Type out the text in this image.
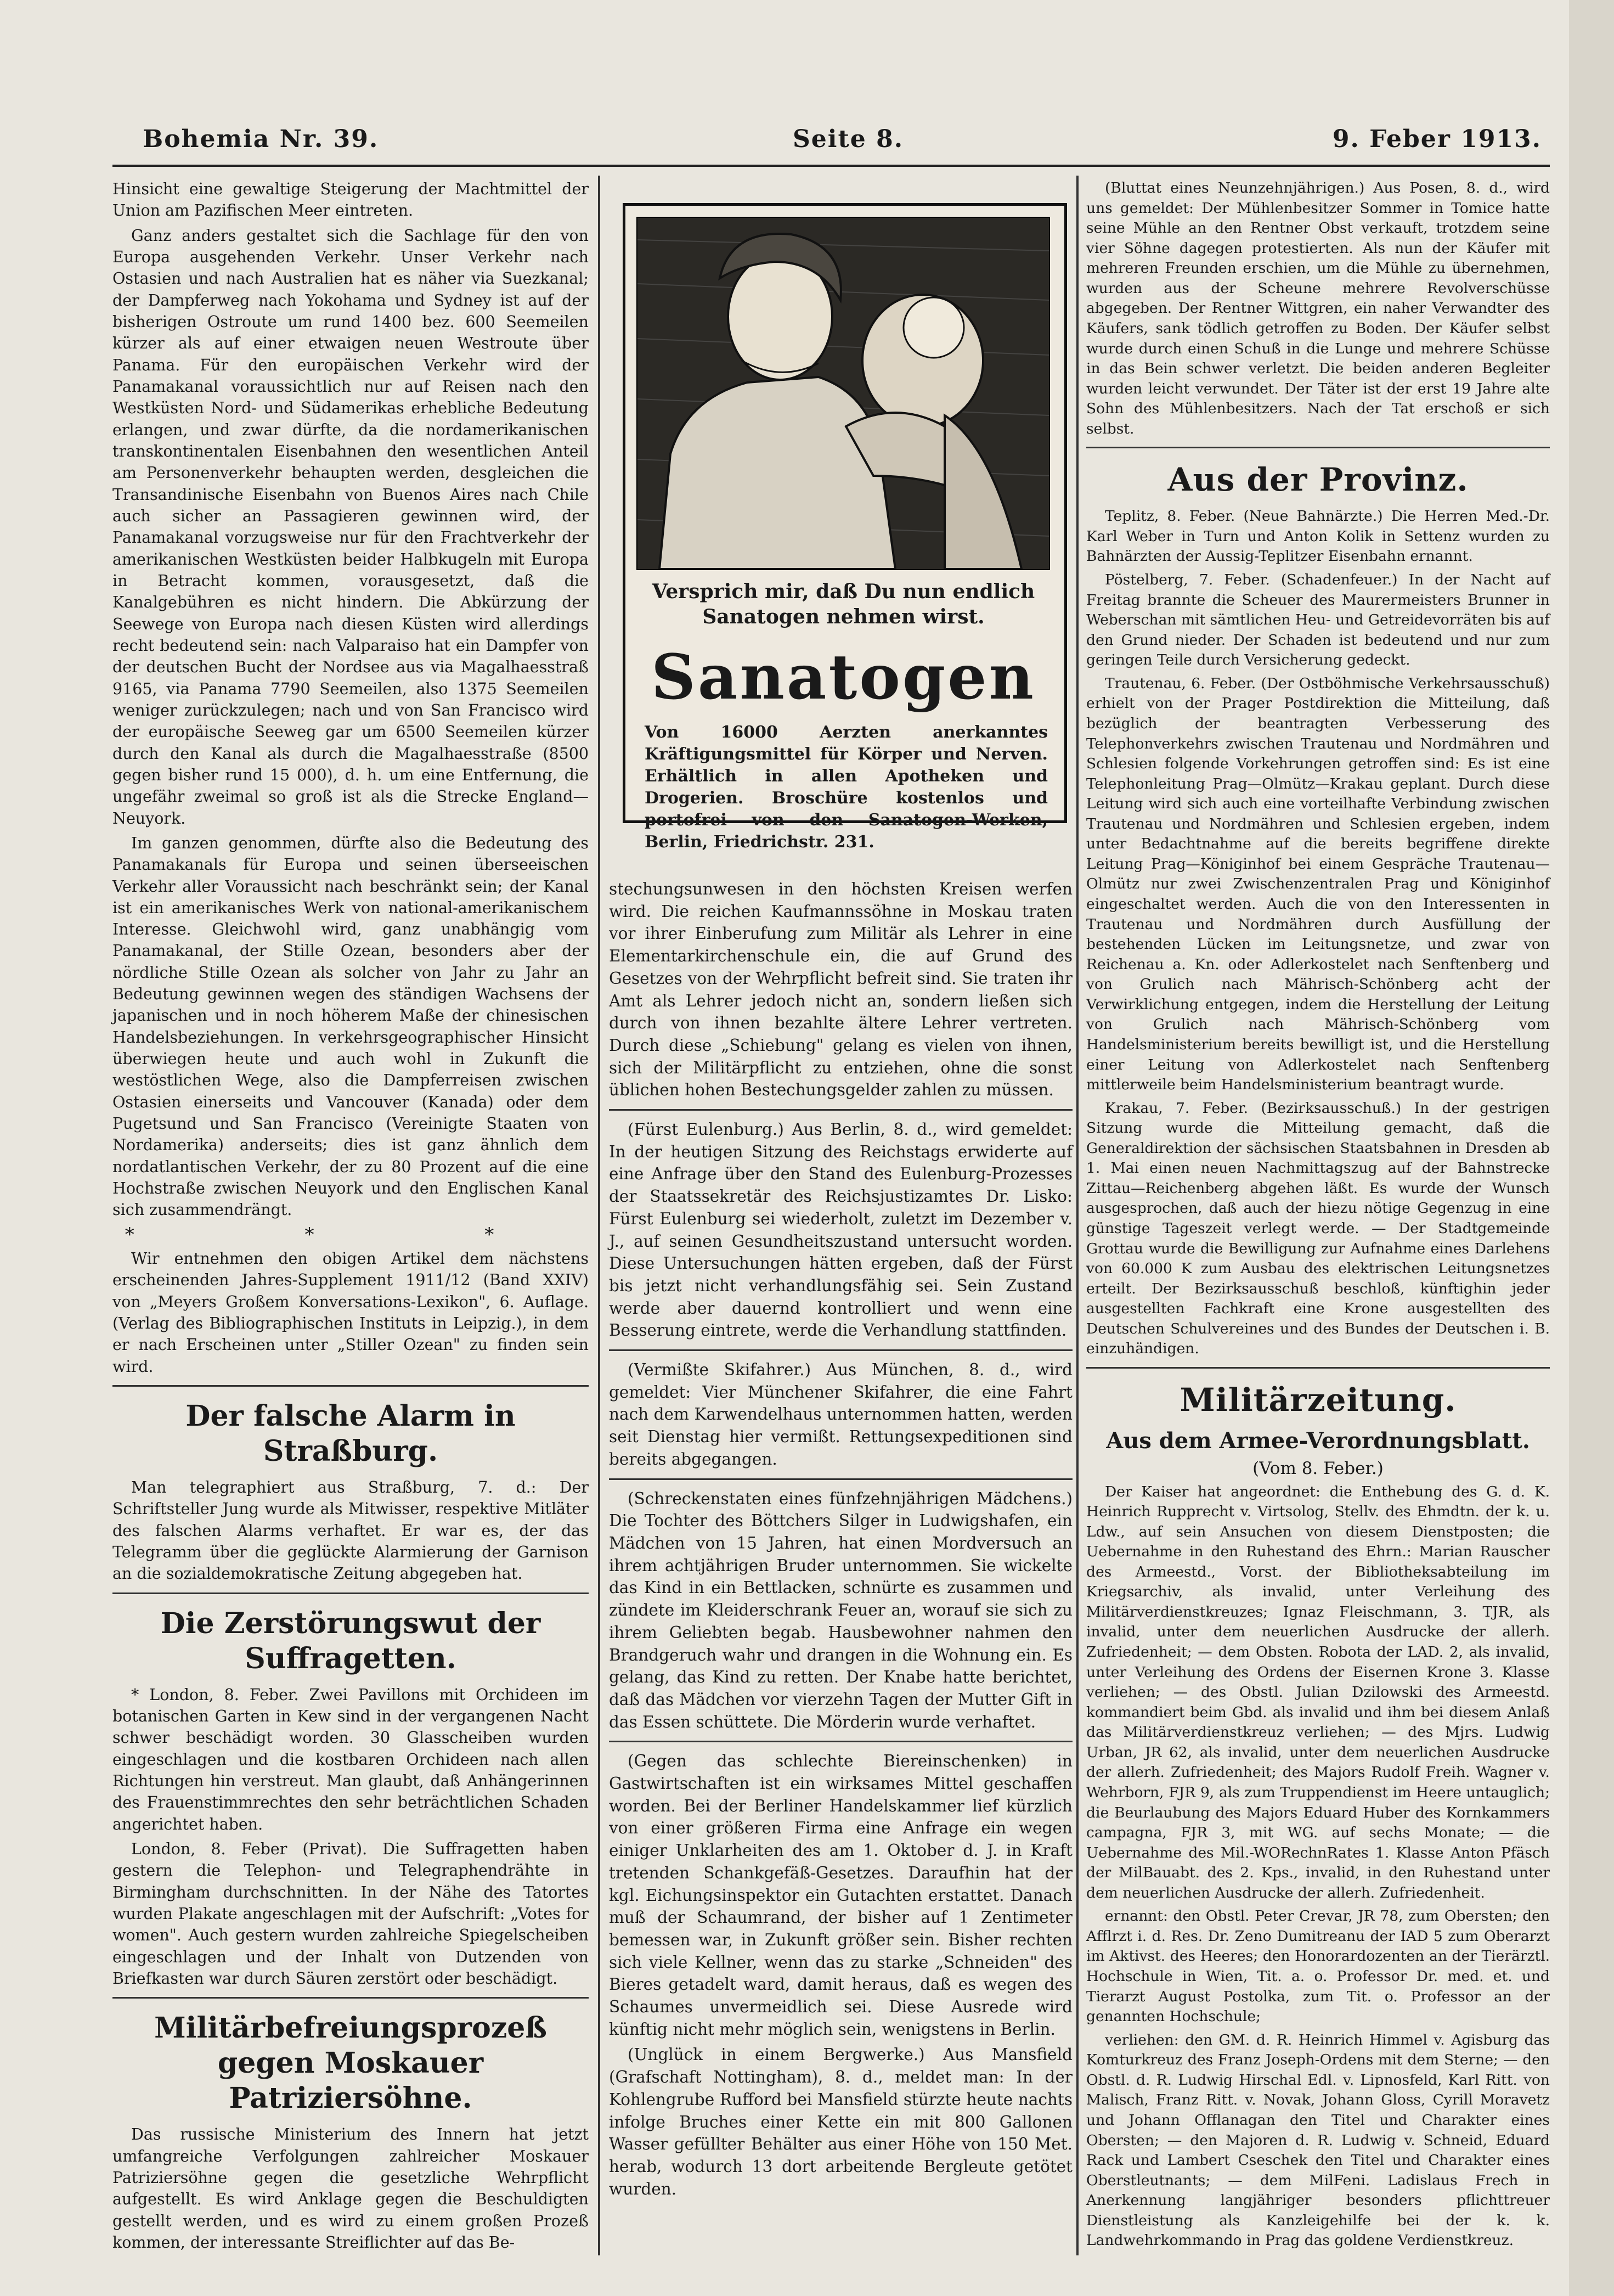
Bohemia Nr. 39.	Seite 8.	9. Feber 1913.

Hinsicht eine gewaltige Steigerung der Machtmittel der Union am Pazifischen Meer eintreten.

Ganz anders gestaltet sich die Sachlage für den von Europa ausgehenden Verkehr. Unser Verkehr nach Ostasien und nach Australien hat es näher via Suezkanal; der Dampferweg nach Yokohama und Sydney ist auf der bisherigen Ostroute um rund 1400 bez. 600 Seemeilen kürzer als auf einer etwaigen neuen Westroute über Panama. Für den europäischen Verkehr wird der Panamakanal voraussichtlich nur auf Reisen nach den Westküsten Nord- und Südamerikas erhebliche Bedeutung erlangen, und zwar dürfte, da die nordamerikanischen transkontinentalen Eisenbahnen den wesentlichen Anteil am Personenverkehr behaupten werden, desgleichen die Transandinische Eisenbahn von Buenos Aires nach Chile auch sicher an Passagieren gewinnen wird, der Panamakanal vorzugsweise nur für den Frachtverkehr der amerikanischen Westküsten beider Halbkugeln mit Europa in Betracht kommen, vorausgesetzt, daß die Kanalgebühren es nicht hindern. Die Abkürzung der Seewege von Europa nach diesen Küsten wird allerdings recht bedeutend sein: nach Valparaiso hat ein Dampfer von der deutschen Bucht der Nordsee aus via Magalhaesstraß 9165, via Panama 7790 Seemeilen, also 1375 Seemeilen weniger zurückzulegen; nach und von San Francisco wird der europäische Seeweg gar um 6500 Seemeilen kürzer durch den Kanal als durch die Magalhaesstraße (8500 gegen bisher rund 15 000), d. h. um eine Entfernung, die ungefähr zweimal so groß ist als die Strecke England—Neuyork.

Im ganzen genommen, dürfte also die Bedeutung des Panamakanals für Europa und seinen überseeischen Verkehr aller Voraussicht nach beschränkt sein; der Kanal ist ein amerikanisches Werk von national-amerikanischem Interesse. Gleichwohl wird, ganz unabhängig vom Panamakanal, der Stille Ozean, besonders aber der nördliche Stille Ozean als solcher von Jahr zu Jahr an Bedeutung gewinnen wegen des ständigen Wachsens der japanischen und in noch höherem Maße der chinesischen Handelsbeziehungen. In verkehrsgeographischer Hinsicht überwiegen heute und auch wohl in Zukunft die westöstlichen Wege, also die Dampferreisen zwischen Ostasien einerseits und Vancouver (Kanada) oder dem Pugetsund und San Francisco (Vereinigte Staaten von Nordamerika) anderseits; dies ist ganz ähnlich dem nordatlantischen Verkehr, der zu 80 Prozent auf die eine Hochstraße zwischen Neuyork und den Englischen Kanal sich zusammendrängt.

* * *

Wir entnehmen den obigen Artikel dem nächstens erscheinenden Jahres-Supplement 1911/12 (Band XXIV) von „Meyers Großem Konversations-Lexikon", 6. Auflage. (Verlag des Bibliographischen Instituts in Leipzig.), in dem er nach Erscheinen unter „Stiller Ozean" zu finden sein wird.

Der falsche Alarm in Straßburg.

Man telegraphiert aus Straßburg, 7. d.: Der Schriftsteller Jung wurde als Mitwisser, respektive Mitläter des falschen Alarms verhaftet. Er war es, der das Telegramm über die geglückte Alarmierung der Garnison an die sozialdemokratische Zeitung abgegeben hat.

Die Zerstörungswut der Suffragetten.

* London, 8. Feber. Zwei Pavillons mit Orchideen im botanischen Garten in Kew sind in der vergangenen Nacht schwer beschädigt worden. 30 Glasscheiben wurden eingeschlagen und die kostbaren Orchideen nach allen Richtungen hin verstreut. Man glaubt, daß Anhängerinnen des Frauenstimmrechtes den sehr beträchtlichen Schaden angerichtet haben.

London, 8. Feber (Privat). Die Suffragetten haben gestern die Telephon- und Telegraphendrähte in Birmingham durchschnitten. In der Nähe des Tatortes wurden Plakate angeschlagen mit der Aufschrift: „Votes for women". Auch gestern wurden zahlreiche Spiegelscheiben eingeschlagen und der Inhalt von Dutzenden von Briefkasten war durch Säuren zerstört oder beschädigt.

Militärbefreiungsprozeß gegen Moskauer Patriziersöhne.

Das russische Ministerium des Innern hat jetzt umfangreiche Verfolgungen zahlreicher Moskauer Patriziersöhne gegen die gesetzliche Wehrpflicht aufgestellt. Es wird Anklage gegen die Beschuldigten gestellt werden, und es wird zu einem großen Prozeß kommen, der interessante Streiflichter auf das Be-

Versprich mir, daß Du nun endlich Sanatogen nehmen wirst.
Sanatogen
Von 16000 Aerzten anerkanntes Kräftigungsmittel für Körper und Nerven. Erhältlich in allen Apotheken und Drogerien. Broschüre kostenlos und portofrei von den Sanatogen-Werken, Berlin, Friedrichstr. 231.

stechungsunwesen in den höchsten Kreisen werfen wird. Die reichen Kaufmannssöhne in Moskau traten vor ihrer Einberufung zum Militär als Lehrer in eine Elementarkirchenschule ein, die auf Grund des Gesetzes von der Wehrpflicht befreit sind. Sie traten ihr Amt als Lehrer jedoch nicht an, sondern ließen sich durch von ihnen bezahlte ältere Lehrer vertreten. Durch diese „Schiebung" gelang es vielen von ihnen, sich der Militärpflicht zu entziehen, ohne die sonst üblichen hohen Bestechungsgelder zahlen zu müssen.

(Fürst Eulenburg.) Aus Berlin, 8. d., wird gemeldet: In der heutigen Sitzung des Reichstags erwiderte auf eine Anfrage über den Stand des Eulenburg-Prozesses der Staatssekretär des Reichsjustizamtes Dr. Lisko: Fürst Eulenburg sei wiederholt, zuletzt im Dezember v. J., auf seinen Gesundheitszustand untersucht worden. Diese Untersuchungen hätten ergeben, daß der Fürst bis jetzt nicht verhandlungsfähig sei. Sein Zustand werde aber dauernd kontrolliert und wenn eine Besserung eintrete, werde die Verhandlung stattfinden.

(Vermißte Skifahrer.) Aus München, 8. d., wird gemeldet: Vier Münchener Skifahrer, die eine Fahrt nach dem Karwendelhaus unternommen hatten, werden seit Dienstag hier vermißt. Rettungsexpeditionen sind bereits abgegangen.

(Schreckenstaten eines fünfzehnjährigen Mädchens.) Die Tochter des Böttchers Silger in Ludwigshafen, ein Mädchen von 15 Jahren, hat einen Mordversuch an ihrem achtjährigen Bruder unternommen. Sie wickelte das Kind in ein Bettlacken, schnürte es zusammen und zündete im Kleiderschrank Feuer an, worauf sie sich zu ihrem Geliebten begab. Hausbewohner nahmen den Brandgeruch wahr und drangen in die Wohnung ein. Es gelang, das Kind zu retten. Der Knabe hatte berichtet, daß das Mädchen vor vierzehn Tagen der Mutter Gift in das Essen schüttete. Die Mörderin wurde verhaftet.

(Gegen das schlechte Biereinschenken) in Gastwirtschaften ist ein wirksames Mittel geschaffen worden. Bei der Berliner Handelskammer lief kürzlich von einer größeren Firma eine Anfrage ein wegen einiger Unklarheiten des am 1. Oktober d. J. in Kraft tretenden Schankgefäß-Gesetzes. Daraufhin hat der kgl. Eichungsinspektor ein Gutachten erstattet. Danach muß der Schaumrand, der bisher auf 1 Zentimeter bemessen war, in Zukunft größer sein. Bisher rechten sich viele Kellner, wenn das zu starke „Schneiden" des Bieres getadelt ward, damit heraus, daß es wegen des Schaumes unvermeidlich sei. Diese Ausrede wird künftig nicht mehr möglich sein, wenigstens in Berlin.

(Unglück in einem Bergwerke.) Aus Mansfield (Grafschaft Nottingham), 8. d., meldet man: In der Kohlengrube Rufford bei Mansfield stürzte heute nachts infolge Bruches einer Kette ein mit 800 Gallonen Wasser gefüllter Behälter aus einer Höhe von 150 Met. herab, wodurch 13 dort arbeitende Bergleute getötet wurden.

(Bluttat eines Neunzehnjährigen.) Aus Posen, 8. d., wird uns gemeldet: Der Mühlenbesitzer Sommer in Tomice hatte seine Mühle an den Rentner Obst verkauft, trotzdem seine vier Söhne dagegen protestierten. Als nun der Käufer mit mehreren Freunden erschien, um die Mühle zu übernehmen, wurden aus der Scheune mehrere Revolverschüsse abgegeben. Der Rentner Wittgren, ein naher Verwandter des Käufers, sank tödlich getroffen zu Boden. Der Käufer selbst wurde durch einen Schuß in die Lunge und mehrere Schüsse in das Bein schwer verletzt. Die beiden anderen Begleiter wurden leicht verwundet. Der Täter ist der erst 19 Jahre alte Sohn des Mühlenbesitzers. Nach der Tat erschoß er sich selbst.

Aus der Provinz.

Teplitz, 8. Feber. (Neue Bahnärzte.) Die Herren Med.-Dr. Karl Weber in Turn und Anton Kolik in Settenz wurden zu Bahnärzten der Aussig-Teplitzer Eisenbahn ernannt.

Pöstelberg, 7. Feber. (Schadenfeuer.) In der Nacht auf Freitag brannte die Scheuer des Maurermeisters Brunner in Weberschan mit sämtlichen Heu- und Getreidevorräten bis auf den Grund nieder. Der Schaden ist bedeutend und nur zum geringen Teile durch Versicherung gedeckt.

Trautenau, 6. Feber. (Der Ostböhmische Verkehrsausschuß) erhielt von der Prager Postdirektion die Mitteilung, daß bezüglich der beantragten Verbesserung des Telephonverkehrs zwischen Trautenau und Nordmähren und Schlesien folgende Vorkehrungen getroffen sind: Es ist eine Telephonleitung Prag—Olmütz—Krakau geplant. Durch diese Leitung wird sich auch eine vorteilhafte Verbindung zwischen Trautenau und Nordmähren und Schlesien ergeben, indem unter Bedachtnahme auf die bereits begriffene direkte Leitung Prag—Königinhof bei einem Gespräche Trautenau—Olmütz nur zwei Zwischenzentralen Prag und Königinhof eingeschaltet werden. Auch die von den Interessenten in Trautenau und Nordmähren durch Ausfüllung der bestehenden Lücken im Leitungsnetze, und zwar von Reichenau a. Kn. oder Adlerkostelet nach Senftenberg und von Grulich nach Mährisch-Schönberg acht der Verwirklichung entgegen, indem die Herstellung der Leitung von Grulich nach Mährisch-Schönberg vom Handelsministerium bereits bewilligt ist, und die Herstellung einer Leitung von Adlerkostelet nach Senftenberg mittlerweile beim Handelsministerium beantragt wurde.

Krakau, 7. Feber. (Bezirksausschuß.) In der gestrigen Sitzung wurde die Mitteilung gemacht, daß die Generaldirektion der sächsischen Staatsbahnen in Dresden ab 1. Mai einen neuen Nachmittagszug auf der Bahnstrecke Zittau—Reichenberg abgehen läßt. Es wurde der Wunsch ausgesprochen, daß auch der hiezu nötige Gegenzug in eine günstige Tageszeit verlegt werde. — Der Stadtgemeinde Grottau wurde die Bewilligung zur Aufnahme eines Darlehens von 60.000 K zum Ausbau des elektrischen Leitungsnetzes erteilt. Der Bezirksausschuß beschloß, künftighin jeder ausgestellten Fachkraft eine Krone ausgestellten des Deutschen Schulvereines und des Bundes der Deutschen i. B. einzuhändigen.

Militärzeitung.
Aus dem Armee-Verordnungsblatt.
(Vom 8. Feber.)

Der Kaiser hat angeordnet: die Enthebung des G. d. K. Heinrich Rupprecht v. Virtsolog, Stellv. des Ehmdtn. der k. u. Ldw., auf sein Ansuchen von diesem Dienstposten; die Uebernahme in den Ruhestand des Ehrn.: Marian Rauscher des Armeestd., Vorst. der Bibliotheksabteilung im Kriegsarchiv, als invalid, unter Verleihung des Militärverdienstkreuzes; Ignaz Fleischmann, 3. TJR, als invalid, unter dem neuerlichen Ausdrucke der allerh. Zufriedenheit; — dem Obsten. Robota der LAD. 2, als invalid, unter Verleihung des Ordens der Eisernen Krone 3. Klasse verliehen; — des Obstl. Julian Dzilowski des Armeestd. kommandiert beim Gbd. als invalid und ihm bei diesem Anlaß das Militärverdienstkreuz verliehen; — des Mjrs. Ludwig Urban, JR 62, als invalid, unter dem neuerlichen Ausdrucke der allerh. Zufriedenheit; des Majors Rudolf Freih. Wagner v. Wehrborn, FJR 9, als zum Truppendienst im Heere untauglich; die Beurlaubung des Majors Eduard Huber des Kornkammers campagna, FJR 3, mit WG. auf sechs Monate; — die Uebernahme des Mil.-WORechnRates 1. Klasse Anton Pfäsch der MilBauabt. des 2. Kps., invalid, in den Ruhestand unter dem neuerlichen Ausdrucke der allerh. Zufriedenheit.

ernannt: den Obstl. Peter Crevar, JR 78, zum Obersten; den Afflrzt i. d. Res. Dr. Zeno Dumitreanu der IAD 5 zum Oberarzt im Aktivst. des Heeres; den Honorardozenten an der Tierärztl. Hochschule in Wien, Tit. a. o. Professor Dr. med. et. und Tierarzt August Postolka, zum Tit. o. Professor an der genannten Hochschule;

verliehen: den GM. d. R. Heinrich Himmel v. Agisburg das Komturkreuz des Franz Joseph-Ordens mit dem Sterne; — den Obstl. d. R. Ludwig Hirschal Edl. v. Lipnosfeld, Karl Ritt. von Malisch, Franz Ritt. v. Novak, Johann Gloss, Cyrill Moravetz und Johann Offlanagan den Titel und Charakter eines Obersten; — den Majoren d. R. Ludwig v. Schneid, Eduard Rack und Lambert Cseschek den Titel und Charakter eines Oberstleutnants; — dem MilFeni. Ladislaus Frech in Anerkennung langjähriger besonders pflichttreuer Dienstleistung als Kanzleigehilfe bei der k. k. Landwehrkommando in Prag das goldene Verdienstkreuz.
